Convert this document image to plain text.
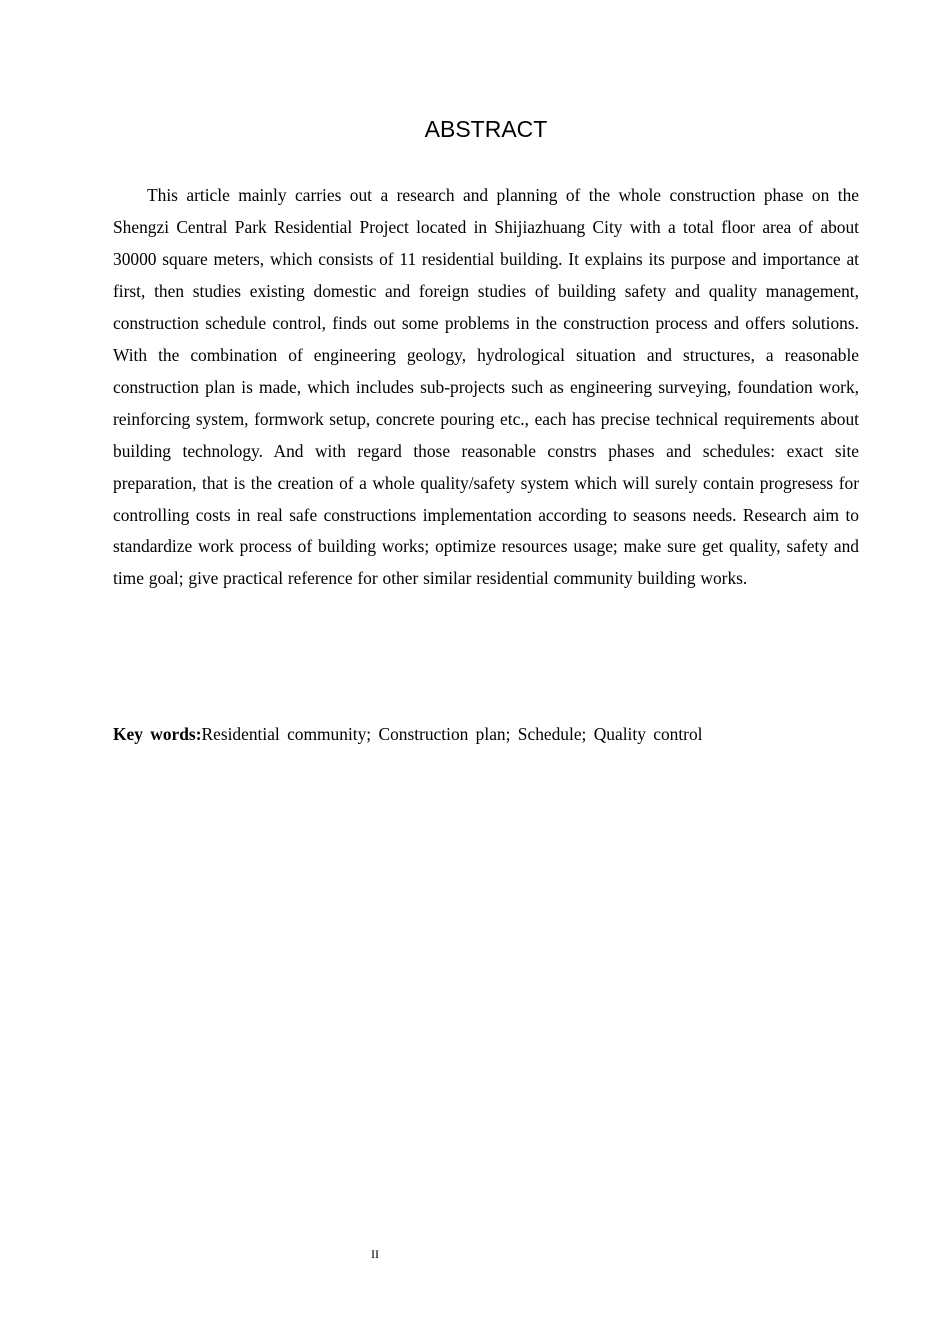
ABSTRACT

This article mainly carries out a research and planning of the whole construction phase on the Shengzi Central Park Residential Project located in Shijiazhuang City with a total floor area of about 30000 square meters, which consists of 11 residential building. It explains its purpose and importance at first, then studies existing domestic and foreign studies of building safety and quality management, construction schedule control, finds out some problems in the construction process and offers solutions. With the combination of engineering geology, hydrological situation and structures, a reasonable construction plan is made, which includes sub-projects such as engineering surveying, foundation work, reinforcing system, formwork setup, concrete pouring etc., each has precise technical requirements about building technology. And with regard those reasonable constrs phases and schedules: exact site preparation, that is the creation of a whole quality/safety system which will surely contain progresess for controlling costs in real safe constructions implementation according to seasons needs. Research aim to standardize work process of building works; optimize resources usage; make sure get quality, safety and time goal; give practical reference for other similar residential community building works.

Key words:Residential community; Construction plan; Schedule; Quality control

II
